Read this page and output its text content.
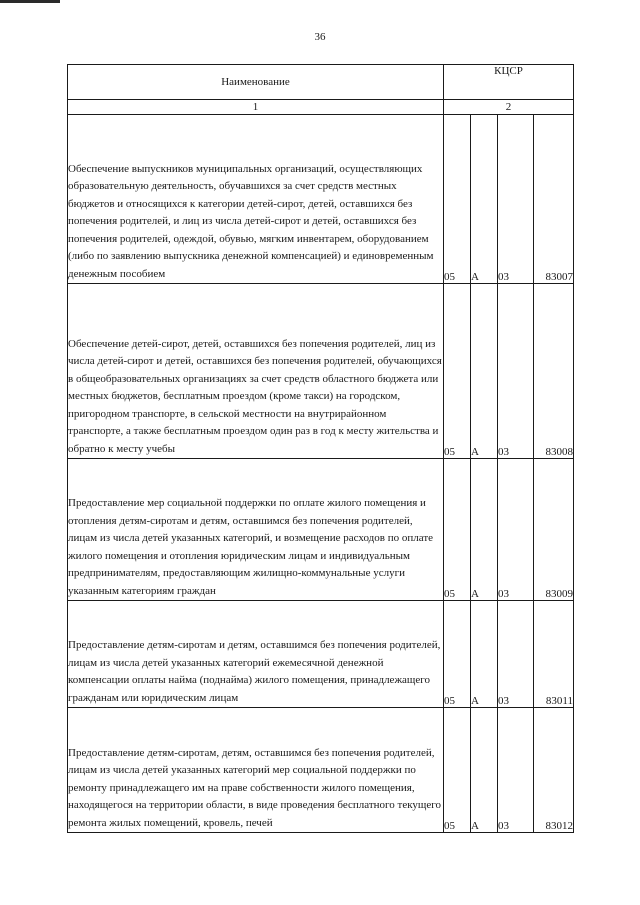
36
Наименование	КЦСР			
1	2			
Обеспечение выпускников муниципальных организаций, осуществляющих образовательную деятельность, обучавшихся за счет средств местных бюджетов и относящихся к категории детей-сирот, детей, оставшихся без попечения родителей, и лиц из числа детей-сирот и детей, оставшихся без попечения родителей, одеждой, обувью, мягким инвентарем, оборудованием (либо по заявлению выпускника денежной компенсацией) и единовременным денежным пособием	05	А	03	83007
Обеспечение детей-сирот, детей, оставшихся без попечения родителей, лиц из числа детей-сирот и детей, оставшихся без попечения родителей, обучающихся в общеобразовательных организациях за счет средств областного бюджета или местных бюджетов, бесплатным проездом (кроме такси) на городском, пригородном транспорте, в сельской местности на внутрирайонном транспорте, а также бесплатным проездом один раз в год к месту жительства и обратно к месту учебы	05	А	03	83008
Предоставление мер социальной поддержки по оплате жилого помещения и отопления детям-сиротам и детям, оставшимся без попечения родителей, лицам из числа детей указанных категорий, и возмещение расходов по оплате жилого помещения и отопления юридическим лицам и индивидуальным предпринимателям, предоставляющим жилищно-коммунальные услуги указанным категориям граждан	05	А	03	83009
Предоставление детям-сиротам и детям, оставшимся без попечения родителей, лицам из числа детей указанных категорий ежемесячной денежной компенсации оплаты найма (поднайма) жилого помещения, принадлежащего гражданам или юридическим лицам	05	А	03	83011
Предоставление детям-сиротам, детям, оставшимся без попечения родителей, лицам из числа детей указанных категорий мер социальной поддержки по ремонту принадлежащего им на праве собственности жилого помещения, находящегося на территории области, в виде проведения бесплатного текущего ремонта жилых помещений, кровель, печей	05	А	03	83012
